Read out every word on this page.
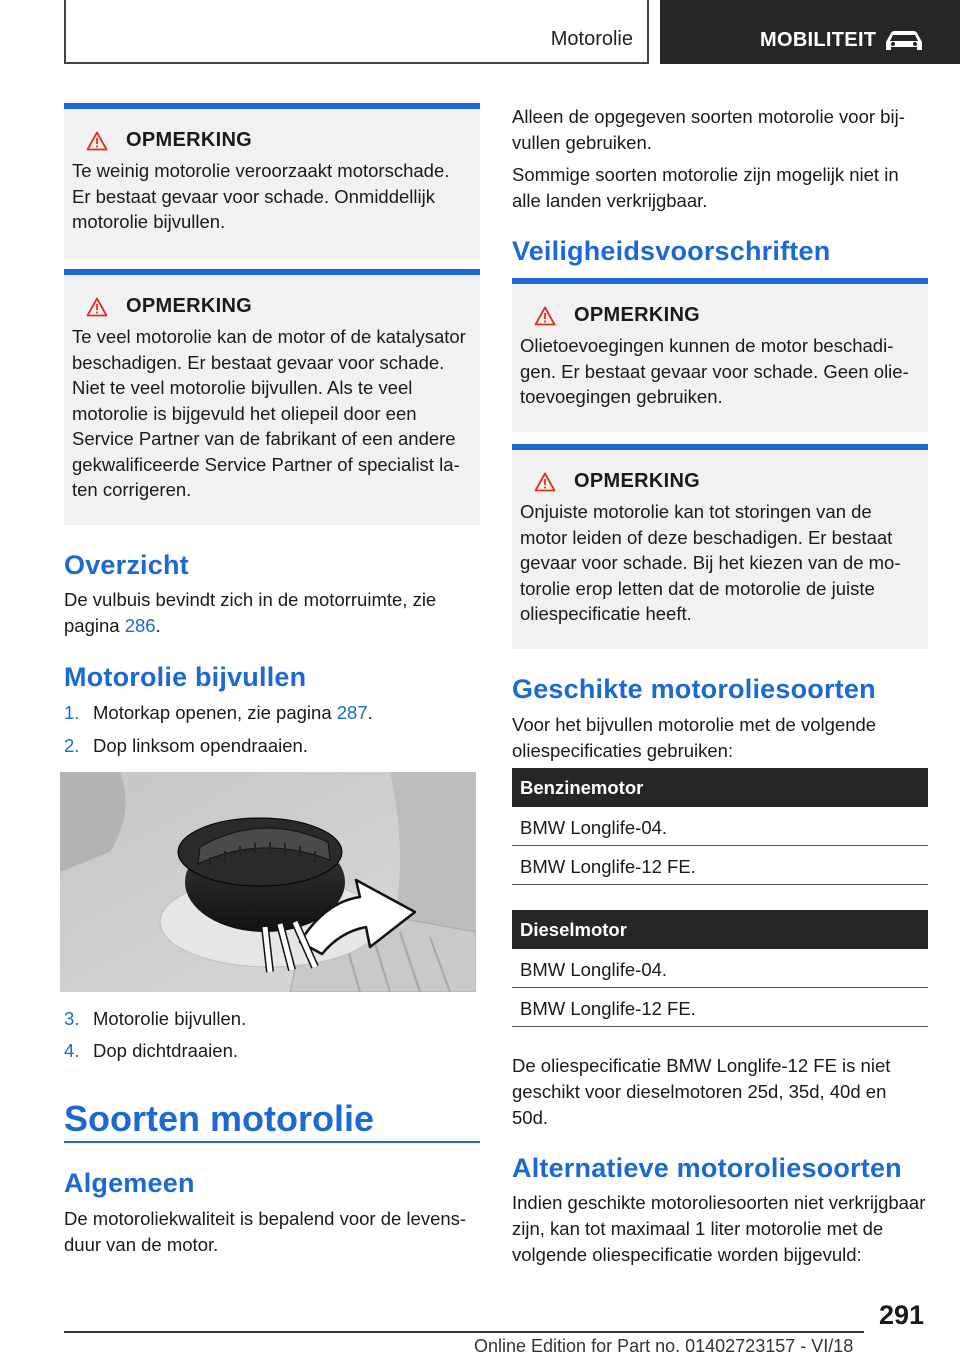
Motorolie	MOBILITEIT
OPMERKING
Te weinig motorolie veroorzaakt motorschade. Er bestaat gevaar voor schade. Onmiddellijk motorolie bijvullen.
OPMERKING
Te veel motorolie kan de motor of de katalysator beschadigen. Er bestaat gevaar voor schade. Niet te veel motorolie bijvullen. Als te veel motorolie is bijgevuld het oliepeil door een Service Partner van de fabrikant of een andere gekwalificeerde Service Partner of specialist laten corrigeren.
Overzicht
De vulbuis bevindt zich in de motorruimte, zie pagina 286.
Motorolie bijvullen
1. Motorkap openen, zie pagina 287.
2. Dop linksom opendraaien.
3. Motorolie bijvullen.
4. Dop dichtdraaien.
Soorten motorolie
Algemeen
De motoroliekwaliteit is bepalend voor de levensduur van de motor.
Alleen de opgegeven soorten motorolie voor bijvullen gebruiken.
Sommige soorten motorolie zijn mogelijk niet in alle landen verkrijgbaar.
Veiligheidsvoorschriften
OPMERKING
Olietoevoegingen kunnen de motor beschadigen. Er bestaat gevaar voor schade. Geen olietoevoegingen gebruiken.
OPMERKING
Onjuiste motorolie kan tot storingen van de motor leiden of deze beschadigen. Er bestaat gevaar voor schade. Bij het kiezen van de motorolie erop letten dat de motorolie de juiste oliespecificatie heeft.
Geschikte motoroliesoorten
Voor het bijvullen motorolie met de volgende oliespecificaties gebruiken:
Benzinemotor
BMW Longlife-04.
BMW Longlife-12 FE.
Dieselmotor
BMW Longlife-04.
BMW Longlife-12 FE.
De oliespecificatie BMW Longlife-12 FE is niet geschikt voor dieselmotoren 25d, 35d, 40d en 50d.
Alternatieve motoroliesoorten
Indien geschikte motoroliesoorten niet verkrijgbaar zijn, kan tot maximaal 1 liter motorolie met de volgende oliespecificatie worden bijgevuld:
291
Online Edition for Part no. 01402723157 - VI/18
